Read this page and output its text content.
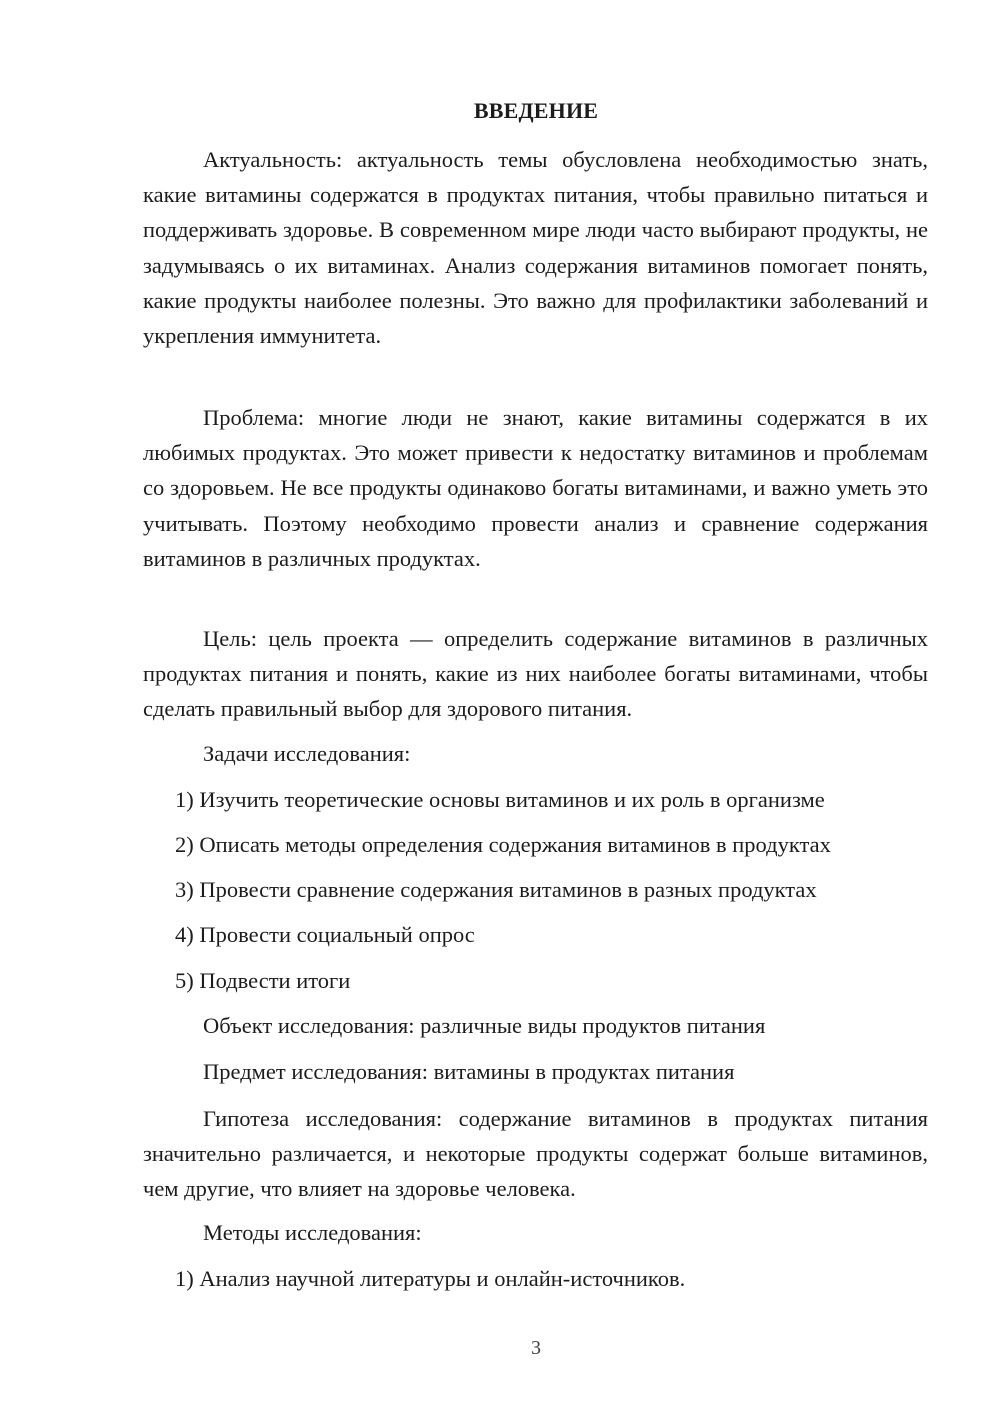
ВВЕДЕНИЕ

Актуальность: актуальность темы обусловлена необходимостью знать, какие витамины содержатся в продуктах питания, чтобы правильно питаться и поддерживать здоровье. В современном мире люди часто выбирают продукты, не задумываясь о их витаминах. Анализ содержания витаминов помогает понять, какие продукты наиболее полезны. Это важно для профилактики заболеваний и укрепления иммунитета.

Проблема: многие люди не знают, какие витамины содержатся в их любимых продуктах. Это может привести к недостатку витаминов и проблемам со здоровьем. Не все продукты одинаково богаты витаминами, и важно уметь это учитывать. Поэтому необходимо провести анализ и сравнение содержания витаминов в различных продуктах.

Цель: цель проекта — определить содержание витаминов в различных продуктах питания и понять, какие из них наиболее богаты витаминами, чтобы сделать правильный выбор для здорового питания.

Задачи исследования:

1) Изучить теоретические основы витаминов и их роль в организме

2) Описать методы определения содержания витаминов в продуктах

3) Провести сравнение содержания витаминов в разных продуктах

4) Провести социальный опрос

5) Подвести итоги

Объект исследования: различные виды продуктов питания

Предмет исследования: витамины в продуктах питания

Гипотеза исследования: содержание витаминов в продуктах питания значительно различается, и некоторые продукты содержат больше витаминов, чем другие, что влияет на здоровье человека.

Методы исследования:

1) Анализ научной литературы и онлайн-источников.

3
